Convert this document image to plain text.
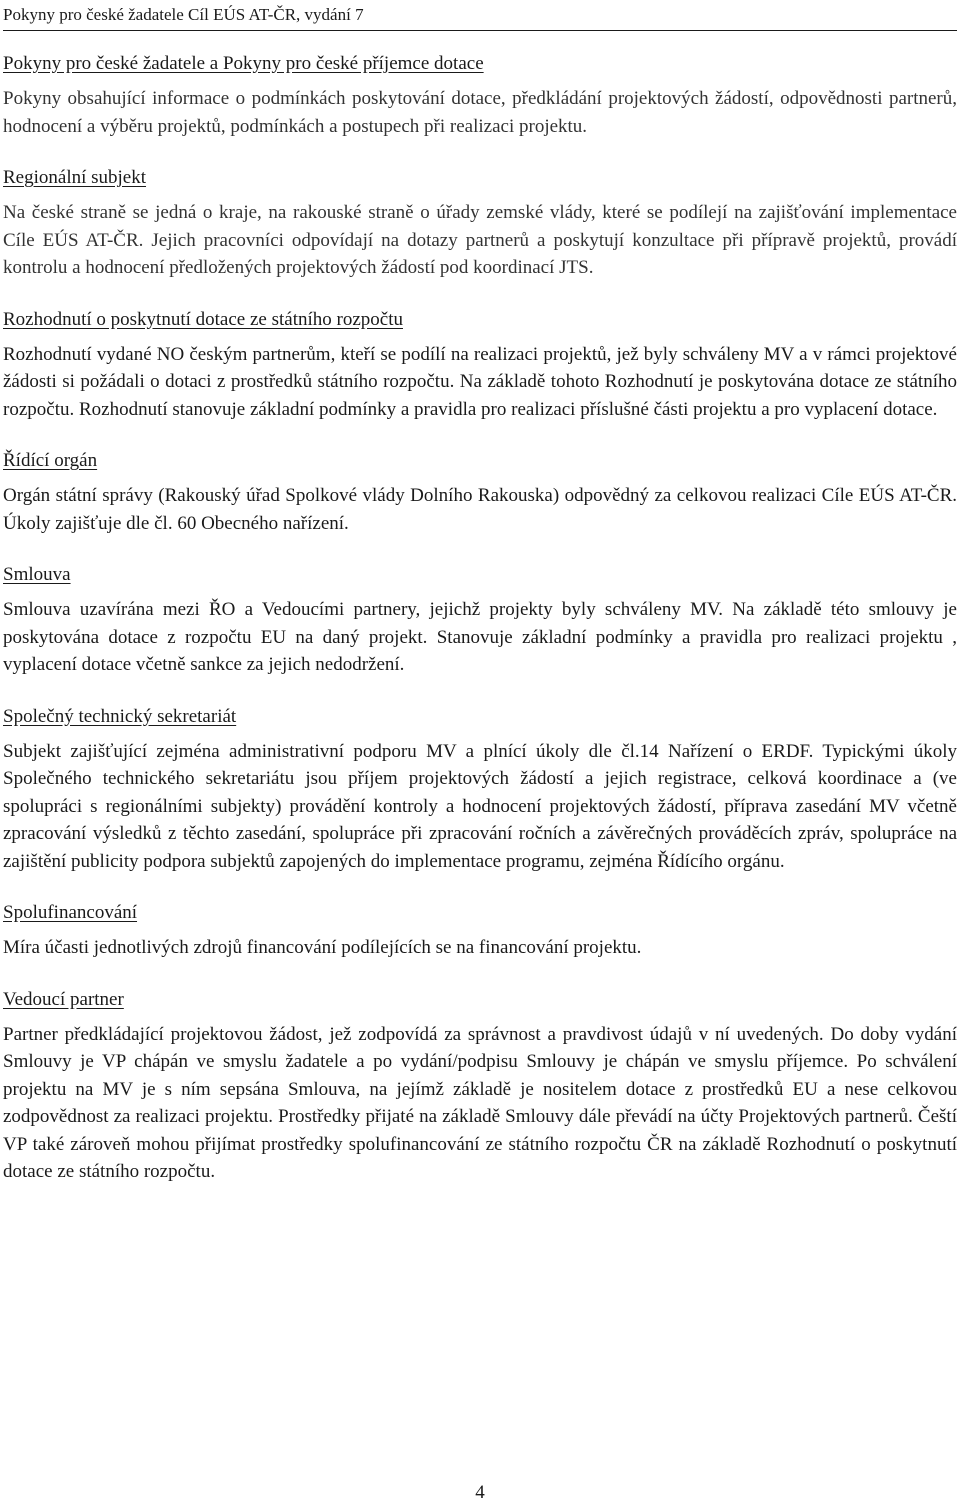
Pokyny pro české žadatele Cíl EÚS AT-ČR, vydání 7
Pokyny pro české žadatele a Pokyny pro české příjemce dotace

Pokyny obsahující informace o podmínkách poskytování dotace, předkládání projektových žádostí, odpovědnosti partnerů, hodnocení a výběru projektů, podmínkách a postupech při realizaci projektu.

Regionální subjekt

Na české straně se jedná o kraje, na rakouské straně o úřady zemské vlády, které se podílejí na zajišťování implementace Cíle EÚS AT-ČR. Jejich pracovníci odpovídají na dotazy partnerů a poskytují konzultace při přípravě projektů, provádí kontrolu a hodnocení předložených projektových žádostí pod koordinací JTS.

Rozhodnutí o poskytnutí dotace ze státního rozpočtu

Rozhodnutí vydané NO českým partnerům, kteří se podílí na realizaci projektů, jež byly schváleny MV a v rámci projektové žádosti si požádali o dotaci z prostředků státního rozpočtu. Na základě tohoto Rozhodnutí je poskytována dotace ze státního rozpočtu. Rozhodnutí stanovuje základní podmínky a pravidla pro realizaci příslušné části projektu a pro vyplacení dotace.

Řídící orgán

Orgán státní správy (Rakouský úřad Spolkové vlády Dolního Rakouska) odpovědný za celkovou realizaci Cíle EÚS AT-ČR. Úkoly zajišťuje dle čl. 60 Obecného nařízení.

Smlouva

Smlouva uzavírána mezi ŘO a Vedoucími partnery, jejichž projekty byly schváleny MV. Na základě této smlouvy je poskytována dotace z rozpočtu EU na daný projekt. Stanovuje základní podmínky a pravidla pro realizaci projektu , vyplacení dotace včetně sankce za jejich nedodržení.

Společný technický sekretariát

Subjekt zajišťující zejména administrativní podporu MV a plnící úkoly dle čl.14 Nařízení o ERDF. Typickými úkoly Společného technického sekretariátu jsou příjem projektových žádostí a jejich registrace, celková koordinace a (ve spolupráci s regionálními subjekty) provádění kontroly a hodnocení projektových žádostí, příprava zasedání MV včetně zpracování výsledků z těchto zasedání, spolupráce při zpracování ročních a závěrečných prováděcích zpráv, spolupráce na zajištění publicity podpora subjektů zapojených do implementace programu, zejména Řídícího orgánu.

Spolufinancování

Míra účasti jednotlivých zdrojů financování podílejících se na financování projektu.

Vedoucí partner

Partner předkládající projektovou žádost, jež zodpovídá za správnost a pravdivost údajů v ní uvedených. Do doby vydání Smlouvy je VP chápán ve smyslu žadatele a po vydání/podpisu Smlouvy je chápán ve smyslu příjemce. Po schválení projektu na MV je s ním sepsána Smlouva, na jejímž základě je nositelem dotace z prostředků EU a nese celkovou zodpovědnost za realizaci projektu. Prostředky přijaté na základě Smlouvy dále převádí na účty Projektových partnerů. Čeští VP také zároveň mohou přijímat prostředky spolufinancování ze státního rozpočtu ČR na základě Rozhodnutí o poskytnutí dotace ze státního rozpočtu.

4
